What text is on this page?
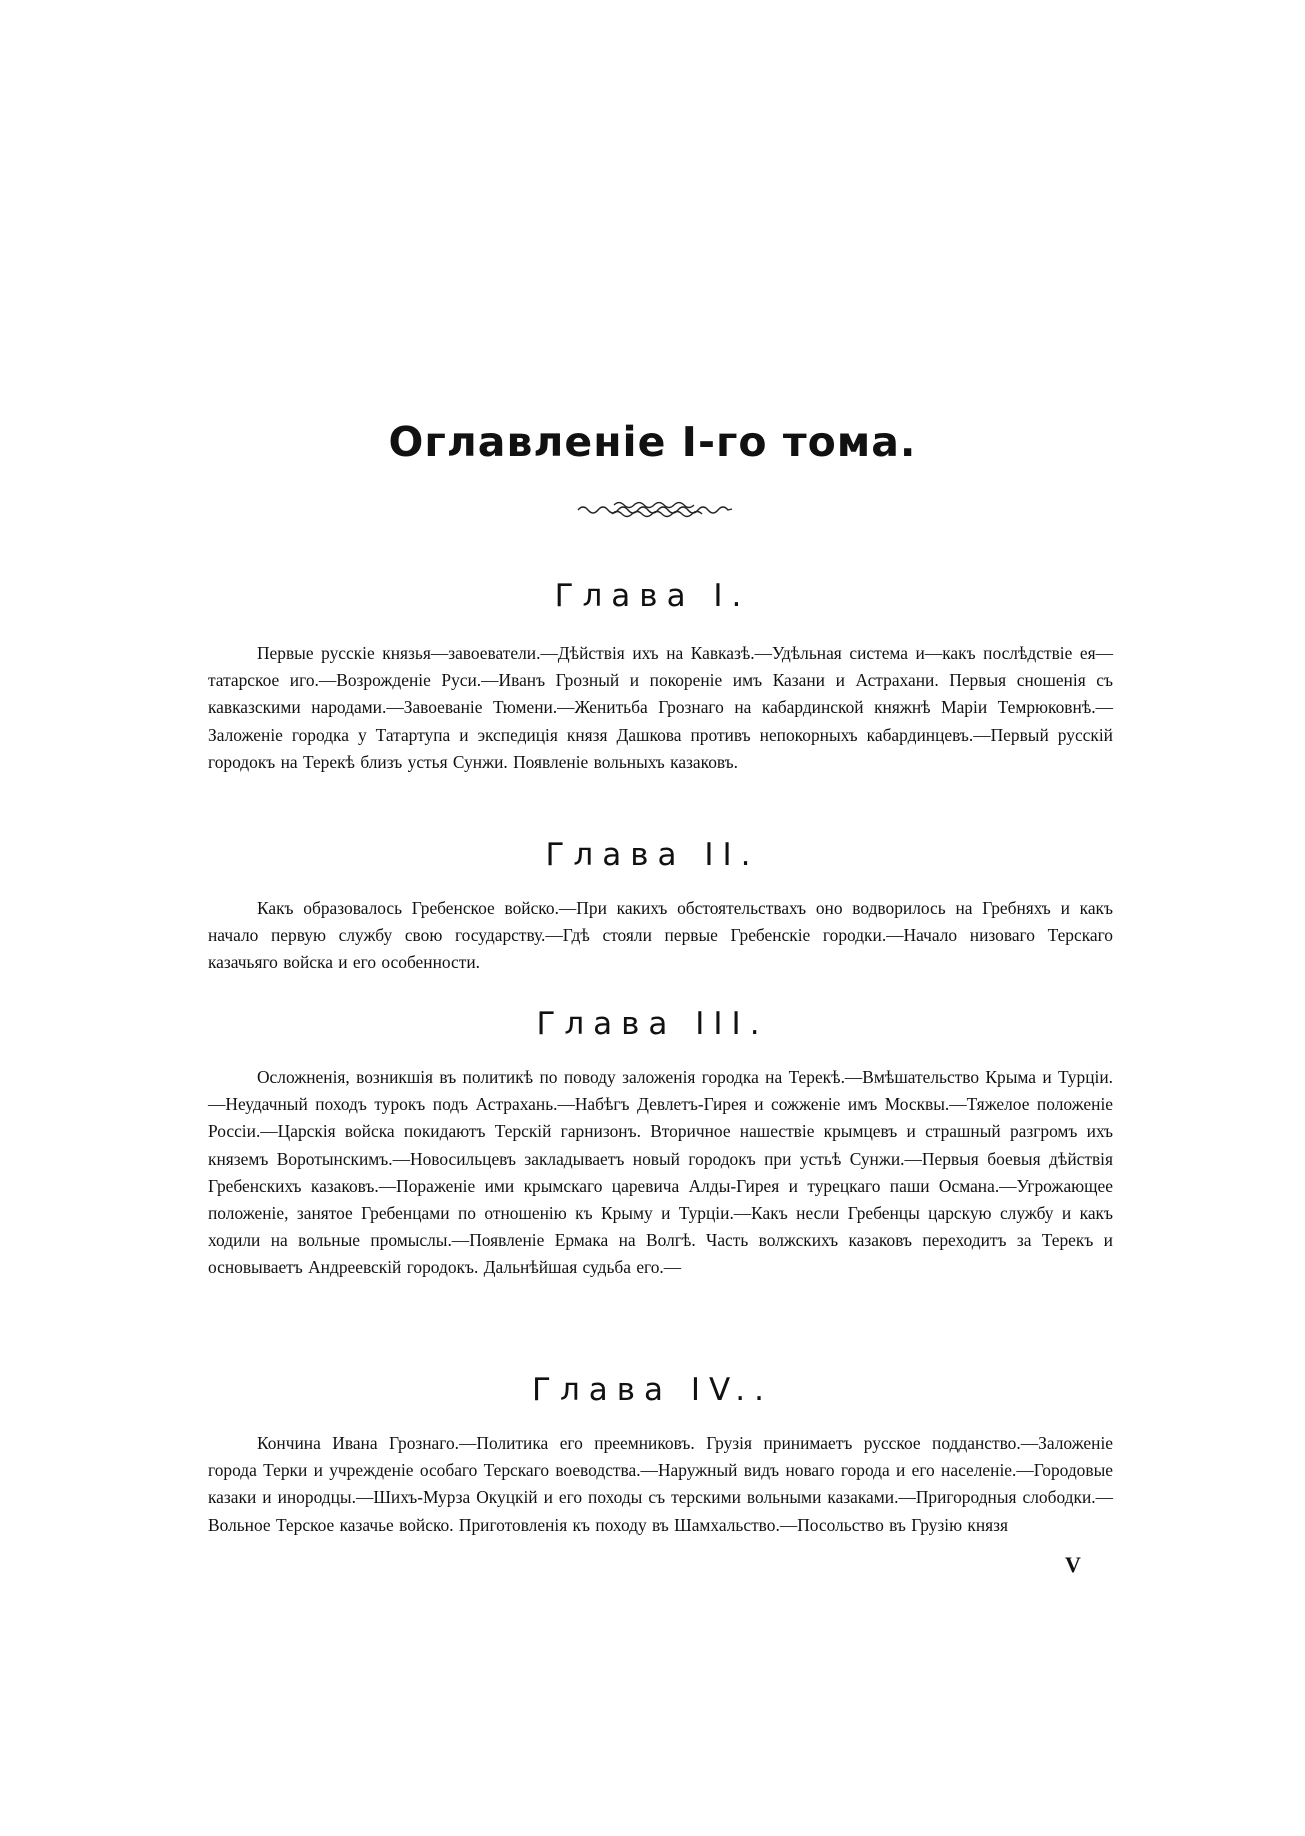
Оглавленіе І-го тома.
Глава I.

Первые русскіе князья—завоеватели.—Дѣйствія ихъ на Кавказѣ.—Удѣльная система и—какъ послѣдствіе ея—татарское иго.—Возрожденіе Руси.—Иванъ Грозный и покореніе имъ Казани и Астрахани. Первыя сношенія съ кавказскими народами.—Завоеваніе Тюмени.—Женитьба Грознаго на кабардинской княжнѣ Маріи Темрюковнѣ.—Заложеніе городка у Татартупа и экспедиція князя Дашкова противъ непокорныхъ кабардинцевъ.—Первый русскій городокъ на Терекѣ близъ устья Сунжи. Появленіе вольныхъ казаковъ.

Глава II.

Какъ образовалось Гребенское войско.—При какихъ обстоятельствахъ оно водворилось на Гребняхъ и какъ начало первую службу свою государству.—Гдѣ стояли первые Гребенскіе городки.—Начало низоваго Терскаго казачьяго войска и его особенности.

Глава III.

Осложненія, возникшія въ политикѣ по поводу заложенія городка на Терекѣ.—Вмѣшательство Крыма и Турціи.—Неудачный походъ турокъ подъ Астрахань.—Набѣгъ Девлетъ-Гирея и сожженіе имъ Москвы.—Тяжелое положеніе Россіи.—Царскія войска покидаютъ Терскій гарнизонъ. Вторичное нашествіе крымцевъ и страшный разгромъ ихъ княземъ Воротынскимъ.—Новосильцевъ закладываетъ новый городокъ при устьѣ Сунжи.—Первыя боевыя дѣйствія Гребенскихъ казаковъ.—Пораженіе ими крымскаго царевича Алды-Гирея и турецкаго паши Османа.—Угрожающее положеніе, занятое Гребенцами по отношенію къ Крыму и Турціи.—Какъ несли Гребенцы царскую службу и какъ ходили на вольные промыслы.—Появленіе Ермака на Волгѣ. Часть волжскихъ казаковъ переходитъ за Терекъ и основываетъ Андреевскій городокъ. Дальнѣйшая судьба его.—

Глава IV..

Кончина Ивана Грознаго.—Политика его преемниковъ. Грузія принимаетъ русское подданство.—Заложеніе города Терки и учрежденіе особаго Терскаго воеводства.—Наружный видъ новаго города и его населеніе.—Городовые казаки и инородцы.—Шихъ-Мурза Окуцкій и его походы съ терскими вольными казаками.—Пригородныя слободки.—Вольное Терское казачье войско. Приготовленія къ походу въ Шамхальство.—Посольство въ Грузію князя

V
